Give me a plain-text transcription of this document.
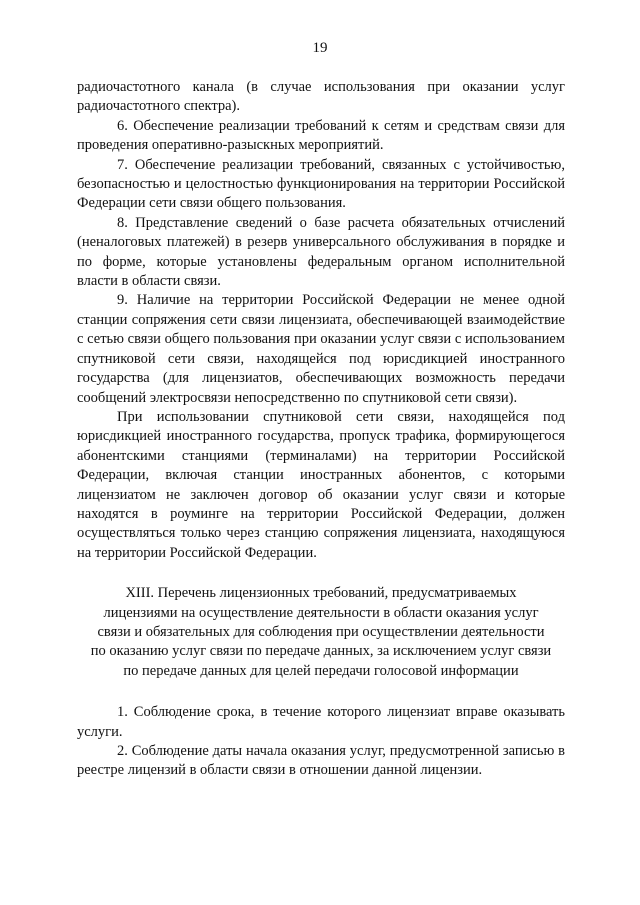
19

радиочастотного канала (в случае использования при оказании услуг радиочастотного спектра).

6. Обеспечение реализации требований к сетям и средствам связи для проведения оперативно-разыскных мероприятий.

7. Обеспечение реализации требований, связанных с устойчивостью, безопасностью и целостностью функционирования на территории Российской Федерации сети связи общего пользования.

8. Представление сведений о базе расчета обязательных отчислений (неналоговых платежей) в резерв универсального обслуживания в порядке и по форме, которые установлены федеральным органом исполнительной власти в области связи.

9. Наличие на территории Российской Федерации не менее одной станции сопряжения сети связи лицензиата, обеспечивающей взаимодействие с сетью связи общего пользования при оказании услуг связи с использованием спутниковой сети связи, находящейся под юрисдикцией иностранного государства (для лицензиатов, обеспечивающих возможность передачи сообщений электросвязи непосредственно по спутниковой сети связи).

При использовании спутниковой сети связи, находящейся под юрисдикцией иностранного государства, пропуск трафика, формирующегося абонентскими станциями (терминалами) на территории Российской Федерации, включая станции иностранных абонентов, с которыми лицензиатом не заключен договор об оказании услуг связи и которые находятся в роуминге на территории Российской Федерации, должен осуществляться только через станцию сопряжения лицензиата, находящуюся на территории Российской Федерации.

XIII. Перечень лицензионных требований, предусматриваемых
лицензиями на осуществление деятельности в области оказания услуг
связи и обязательных для соблюдения при осуществлении деятельности
по оказанию услуг связи по передаче данных, за исключением услуг связи
по передаче данных для целей передачи голосовой информации

1. Соблюдение срока, в течение которого лицензиат вправе оказывать услуги.

2. Соблюдение даты начала оказания услуг, предусмотренной записью в реестре лицензий в области связи в отношении данной лицензии.
